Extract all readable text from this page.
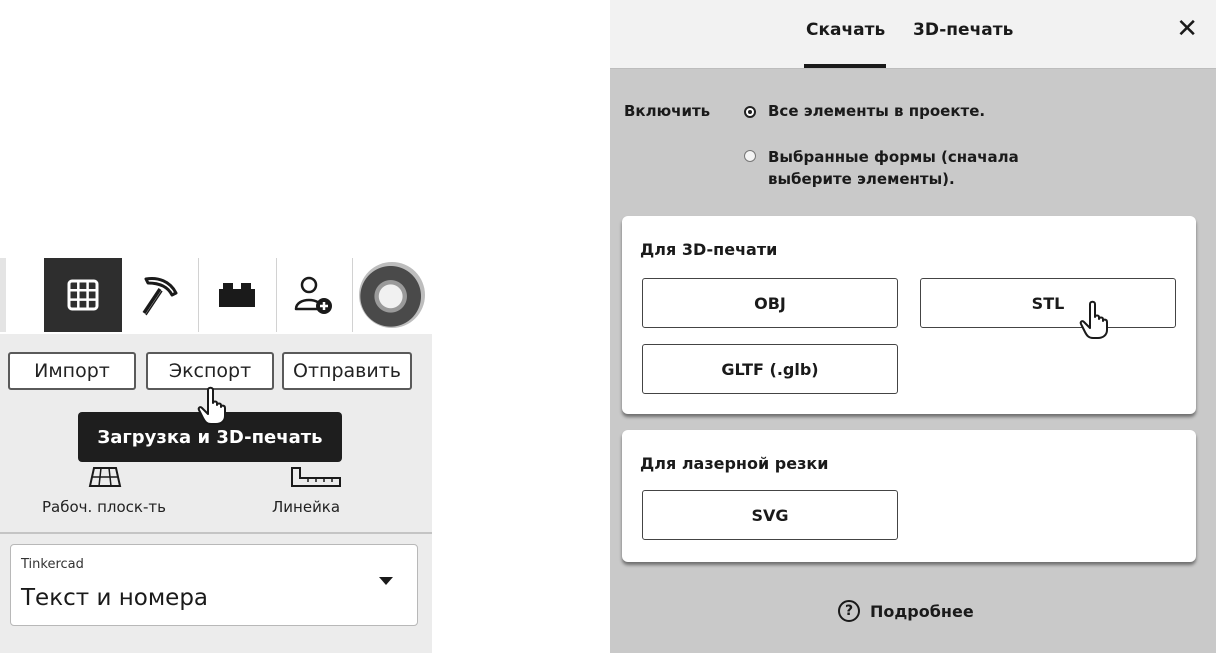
Импорт	Экспорт	Отправить
Рабоч. плоск-ть	Линейка
Tinkercad
Текст и номера
Загрузка и 3D-печать
Скачать 3D-печать	✕
Включить	Все элементы в проекте.
Выбранные формы (сначала выберите элементы).
Для 3D-печати
OBJ	STL
GLTF (.glb)
Для лазерной резки
SVG
?	Подробнее
